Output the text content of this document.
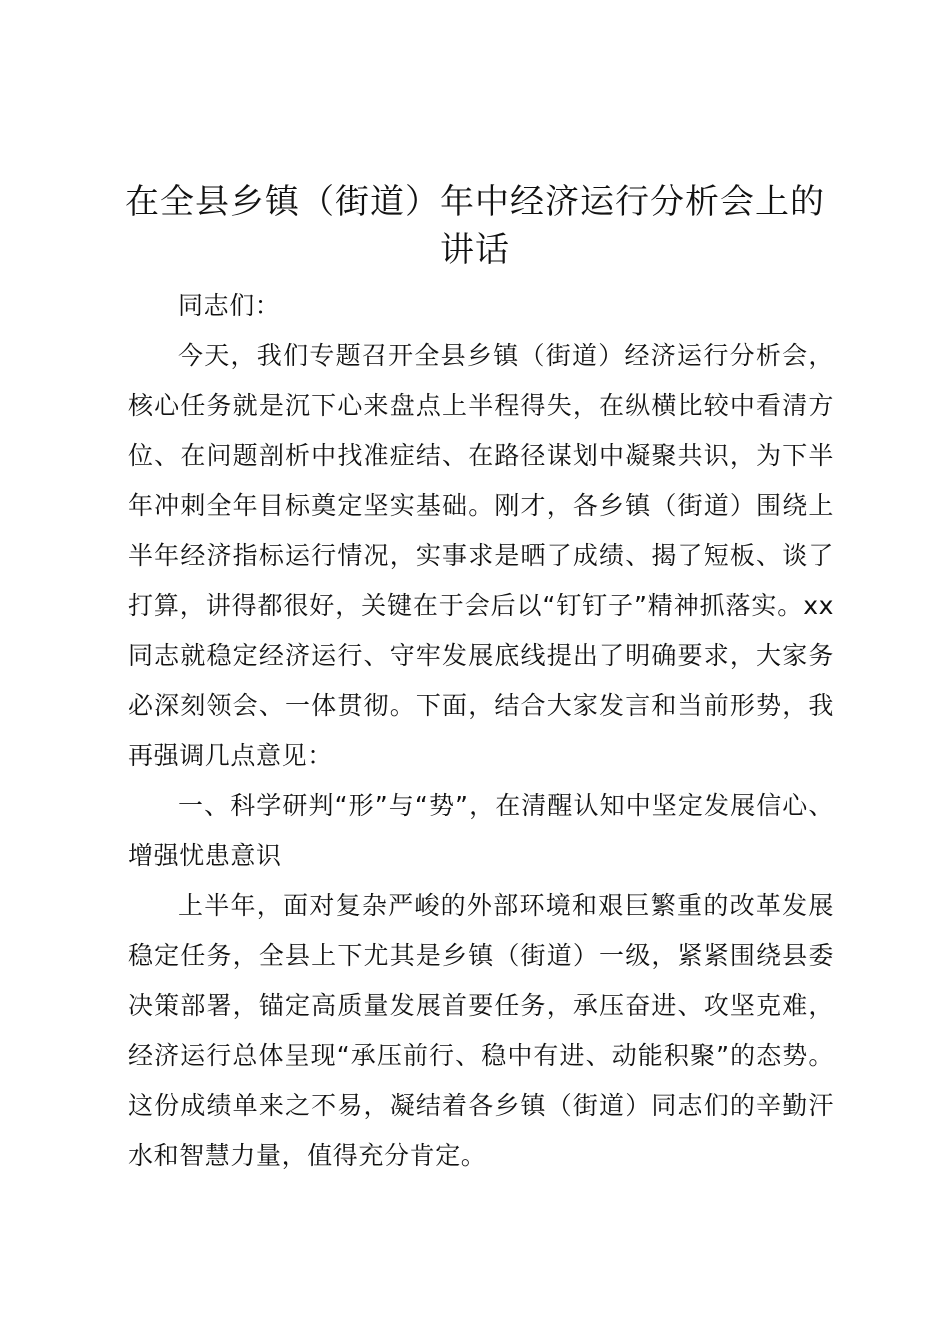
在全县乡镇（街道）年中经济运行分析会上的讲话

同志们：

今天，我们专题召开全县乡镇（街道）经济运行分析会，核心任务就是沉下心来盘点上半程得失，在纵横比较中看清方位、在问题剖析中找准症结、在路径谋划中凝聚共识，为下半年冲刺全年目标奠定坚实基础。刚才，各乡镇（街道）围绕上半年经济指标运行情况，实事求是晒了成绩、揭了短板、谈了打算，讲得都很好，关键在于会后以“钉钉子”精神抓落实。xx同志就稳定经济运行、守牢发展底线提出了明确要求，大家务必深刻领会、一体贯彻。下面，结合大家发言和当前形势，我再强调几点意见：

一、科学研判“形”与“势”，在清醒认知中坚定发展信心、增强忧患意识

上半年，面对复杂严峻的外部环境和艰巨繁重的改革发展稳定任务，全县上下尤其是乡镇（街道）一级，紧紧围绕县委决策部署，锚定高质量发展首要任务，承压奋进、攻坚克难，经济运行总体呈现“承压前行、稳中有进、动能积聚”的态势。这份成绩单来之不易，凝结着各乡镇（街道）同志们的辛勤汗水和智慧力量，值得充分肯定。
